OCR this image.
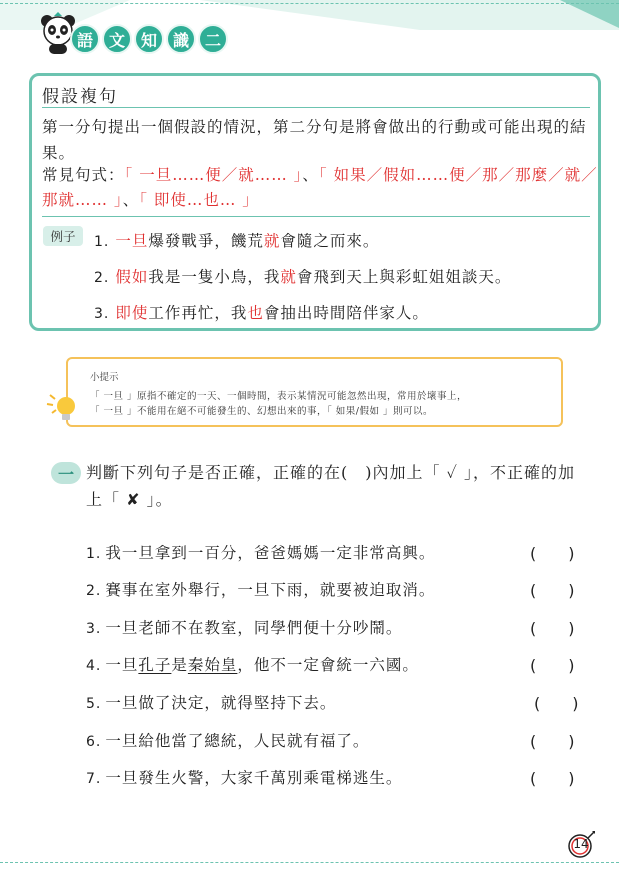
語 文 知 識 二
假設複句
第一分句提出一個假設的情況，第二分句是將會做出的行動或可能出現的結果。
常見句式：「 一旦……便／就…… 」、「 如果／假如……便／那／那麼／就／那就…… 」、「 即使…也… 」
例子	1. 一旦爆發戰爭，饑荒就會隨之而來。
2. 假如我是一隻小鳥，我就會飛到天上與彩虹姐姐談天。
3. 即使工作再忙，我也會抽出時間陪伴家人。
小提示
「 一旦 」原指不確定的一天、一個時間，表示某情況可能忽然出現，常用於壞事上，
「 一旦 」不能用在絕不可能發生的、幻想出來的事，「 如果/假如 」則可以。
一 判斷下列句子是否正確，正確的在(　)內加上「 ✓ 」，不正確的加上「 ✘ 」。
1. 我一旦拿到一百分，爸爸媽媽一定非常高興。	(　　)
2. 賽事在室外舉行，一旦下雨，就要被迫取消。	(　　)
3. 一旦老師不在教室，同學們便十分吵鬧。	(　　)
4. 一旦孔子是秦始皇，他不一定會統一六國。	(　　)
5. 一旦做了決定，就得堅持下去。	(　　)
6. 一旦給他當了總統，人民就有福了。	(　　)
7. 一旦發生火警，大家千萬別乘電梯逃生。	(　　)
14
